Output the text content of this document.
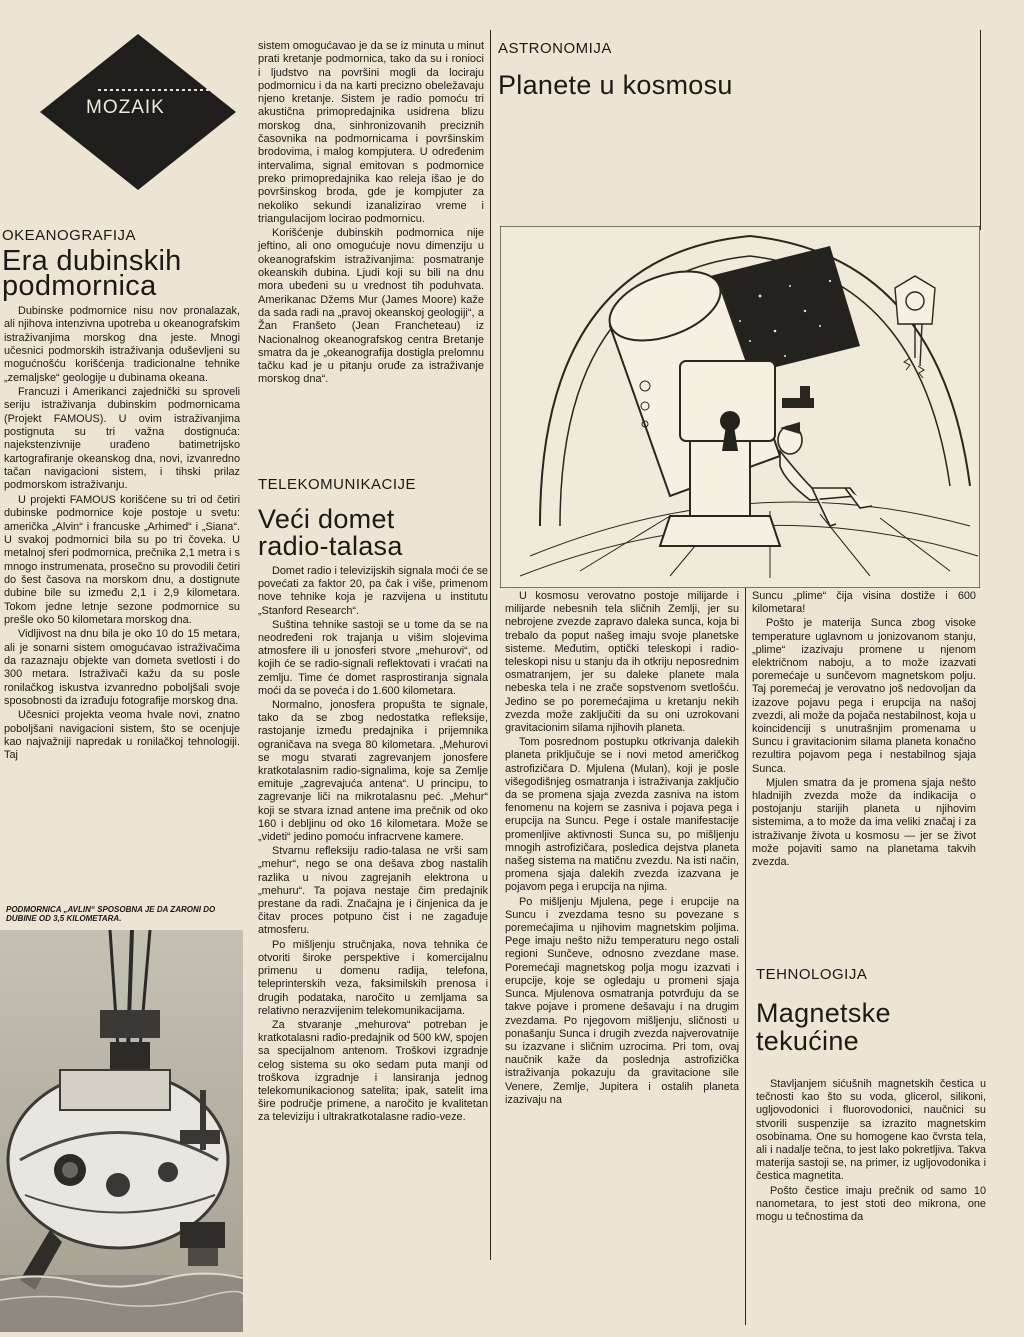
MOZAIK
OKEANOGRAFIJA
Era dubinskih
podmornica

Dubinske podmornice nisu nov pronalazak, ali njihova intenzivna upotreba u okeanografskim istraživanjima morskog dna jeste. Mnogi učesnici podmorskih istraživanja oduševljeni su mogućnošću korišćenja tradicionalne tehnike „zemaljske“ geologije u dubinama okeana.

Francuzi i Amerikanci zajednički su sproveli seriju istraživanja dubinskim podmornicama (Projekt FAMOUS). U ovim istraživanjima postignuta su tri važna dostignuća: najekstenzivnije urađeno batimetrijsko kartografiranje okeanskog dna, novi, izvanredno tačan navigacioni sistem, i tihski prilaz podmorskom istraživanju.

U projekti FAMOUS korišćene su tri od četiri dubinske podmornice koje postoje u svetu: američka „Alvin“ i francuske „Arhimed“ i „Siana“. U svakoj podmornici bila su po tri čoveka. U metalnoj sferi podmornica, prečnika 2,1 metra i s mnogo instrumenata, prosečno su provodili četiri do šest časova na morskom dnu, a dostignute dubine bile su između 2,1 i 2,9 kilometara. Tokom jedne letnje sezone podmornice su prešle oko 50 kilometara morskog dna.

Vidljivost na dnu bila je oko 10 do 15 metara, ali je sonarni sistem omogućavao istraživačima da razaznaju objekte van dometa svetlosti i do 300 metara. Istraživači kažu da su posle ronilačkog iskustva izvanredno poboljšali svoje sposobnosti da izrađuju fotografije morskog dna.

Učesnici projekta veoma hvale novi, znatno poboljšani navigacioni sistem, što se ocenjuje kao najvažniji napredak u ronilačkoj tehnologiji. Taj

PODMORNICA „AVLIN“ SPOSOBNA JE DA ZARONI DO DUBINE OD 3,5 KILOMETARA.

sistem omogućavao je da se iz minuta u minut prati kretanje podmornica, tako da su i ronioci i ljudstvo na površini mogli da lociraju podmornicu i da na karti precizno obeležavaju njeno kretanje. Sistem je radio pomoću tri akustična primopredajnika usidrena blizu morskog dna, sinhronizovanih preciznih časovnika na podmornicama i površinskim brodovima, i malog kompjutera. U određenim intervalima, signal emitovan s podmornice preko primopredajnika kao releja išao je do površinskog broda, gde je kompjuter za nekoliko sekundi izanalizirao vreme i triangulacijom locirao podmornicu.

Korišćenje dubinskih podmornica nije jeftino, ali ono omogućuje novu dimenziju u okeanografskim istraživanjima: posmatranje okeanskih dubina. Ljudi koji su bili na dnu mora ubeđeni su u vrednost tih poduhvata. Amerikanac Džems Mur (James Moore) kaže da sada radi na „pravoj okeanskoj geologiji“, a Žan Franšeto (Jean Francheteau) iz Nacionalnog okeanografskog centra Bretanje smatra da je „okeanografija dostigla prelomnu tačku kad je u pitanju oruđe za istraživanje morskog dna“.

TELEKOMUNIKACIJE
Veći domet
radio-talasa

Domet radio i televizijskih signala moći će se povećati za faktor 20, pa čak i više, primenom nove tehnike koja je razvijena u institutu „Stanford Research“.

Suština tehnike sastoji se u tome da se na neodređeni rok trajanja u višim slojevima atmosfere ili u jonosferi stvore „mehurovi“, od kojih će se radio-signali reflektovati i vraćati na zemlju. Time će domet rasprostiranja signala moći da se poveća i do 1.600 kilometara.

Normalno, jonosfera propušta te signale, tako da se zbog nedostatka refleksije, rastojanje između predajnika i prijemnika ograničava na svega 80 kilometara. „Mehurovi se mogu stvarati zagrevanjem jonosfere kratkotalasnim radio-signalima, koje sa Zemlje emituje „zagrevajuća antena“. U principu, to zagrevanje liči na mikrotalasnu peć. „Mehur“ koji se stvara iznad antene ima prečnik od oko 160 i debljinu od oko 16 kilometara. Može se „videti“ jedino pomoću infracrvene kamere.

Stvarnu refleksiju radio-talasa ne vrši sam „mehur“, nego se ona dešava zbog nastalih razlika u nivou zagrejanih elektrona u „mehuru“. Ta pojava nestaje čim predajnik prestane da radi. Značajna je i činjenica da je čitav proces potpuno čist i ne zagađuje atmosferu.

Po mišljenju stručnjaka, nova tehnika će otvoriti široke perspektive i komercijalnu primenu u domenu radija, telefona, teleprinterskih veza, faksimilskih prenosa i drugih podataka, naročito u zemljama sa relativno nerazvijenim telekomunikacijama.

Za stvaranje „mehurova“ potreban je kratkotalasni radio-predajnik od 500 kW, spojen sa specijalnom antenom. Troškovi izgradnje celog sistema su oko sedam puta manji od troškova izgradnje i lansiranja jednog telekomunikacionog satelita; ipak, satelit ima šire područje primene, a naročito je kvalitetan za televiziju i ultrakratkotalasne radio-veze.

ASTRONOMIJA
Planete u kosmosu

U kosmosu verovatno postoje milijarde i milijarde nebesnih tela sličnih Zemlji, jer su nebrojene zvezde zapravo daleka sunca, koja bi trebalo da poput našeg imaju svoje planetske sisteme. Međutim, optički teleskopi i radio-teleskopi nisu u stanju da ih otkriju neposrednim osmatranjem, jer su daleke planete mala nebeska tela i ne zrače sopstvenom svetlošću. Jedino se po poremećajima u kretanju nekih zvezda može zaključiti da su oni uzrokovani gravitacionim silama njihovih planeta.

Tom posrednom postupku otkrivanja dalekih planeta priključuje se i novi metod američkog astrofizičara D. Mjulena (Mulan), koji je posle višegodišnjeg osmatranja i istraživanja zaključio da se promena sjaja zvezda zasniva na istom fenomenu na kojem se zasniva i pojava pega i erupcija na Suncu. Pege i ostale manifestacije promenljive aktivnosti Sunca su, po mišljenju mnogih astrofizičara, posledica dejstva planeta našeg sistema na matičnu zvezdu. Na isti način, promena sjaja dalekih zvezda izazvana je pojavom pega i erupcija na njima.

Po mišljenju Mjulena, pege i erupcije na Suncu i zvezdama tesno su povezane s poremećajima u njihovim magnetskim poljima. Pege imaju nešto nižu temperaturu nego ostali regioni Sunčeve, odnosno zvezdane mase. Poremećaji magnetskog polja mogu izazvati i erupcije, koje se ogledaju u promeni sjaja Sunca. Mjulenova osmatranja potvrđuju da se takve pojave i promene dešavaju i na drugim zvezdama. Po njegovom mišljenju, sličnosti u ponašanju Sunca i drugih zvezda najverovatnije su izazvane i sličnim uzrocima. Pri tom, ovaj naučnik kaže da poslednja astrofizička istraživanja pokazuju da gravitacione sile Venere, Zemlje, Jupitera i ostalih planeta izazivaju na

Suncu „plime“ čija visina dostiže i 600 kilometara!

Pošto je materija Sunca zbog visoke temperature uglavnom u jonizovanom stanju, „plime“ izazivaju promene u njenom električnom naboju, a to može izazvati poremećaje u sunčevom magnetskom polju. Taj poremećaj je verovatno još nedovoljan da izazove pojavu pega i erupcija na našoj zvezdi, ali može da pojača nestabilnost, koja u koincidenciji s unutrašnjim promenama u Suncu i gravitacionim silama planeta konačno rezultira pojavom pega i nestabilnog sjaja Sunca.

Mjulen smatra da je promena sjaja nešto hladnijih zvezda može da indikacija o postojanju starijih planeta u njihovim sistemima, a to može da ima veliki značaj i za istraživanje života u kosmosu — jer se život može pojaviti samo na planetama takvih zvezda.

TEHNOLOGIJA
Magnetske
tekućine

Stavljanjem sićušnih magnetskih čestica u tečnosti kao što su voda, glicerol, silikoni, ugljovodonici i fluorovodonici, naučnici su stvorili suspenzije sa izrazito magnetskim osobinama. One su homogene kao čvrsta tela, ali i nadalje tečna, to jest lako pokretljiva. Takva materija sastoji se, na primer, iz ugljovodonika i čestica magnetita.

Pošto čestice imaju prečnik od samo 10 nanometara, to jest stoti deo mikrona, one mogu u tečnostima da
